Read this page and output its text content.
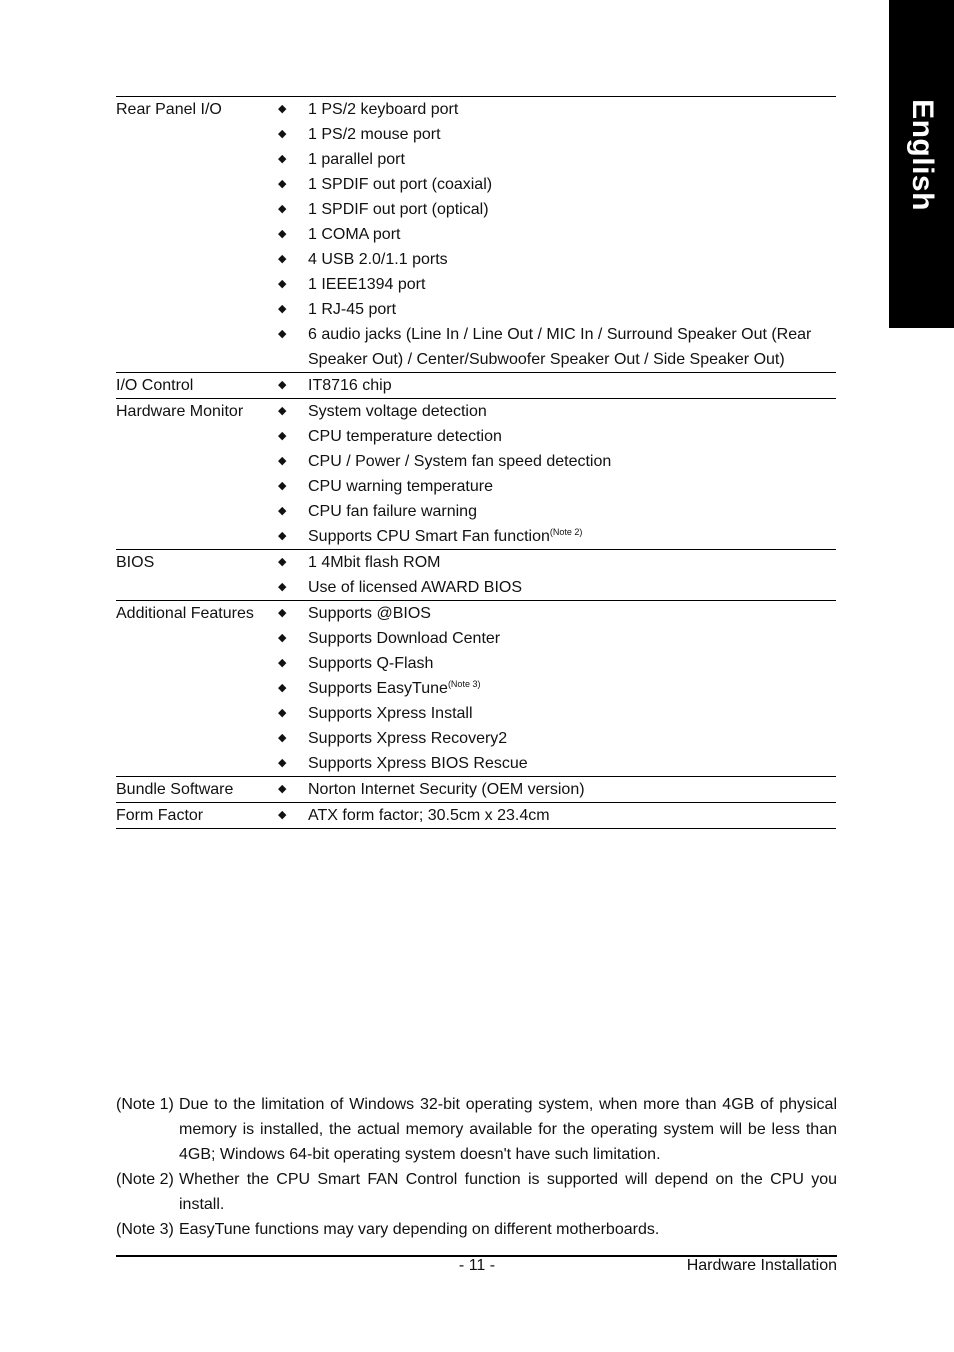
English
Rear Panel I/O	◆	1 PS/2 keyboard port
◆	1 PS/2 mouse port
◆	1 parallel port
◆	1 SPDIF out port (coaxial)
◆	1 SPDIF out port (optical)
◆	1 COMA port
◆	4 USB 2.0/1.1 ports
◆	1 IEEE1394 port
◆	1 RJ-45 port
◆	6 audio jacks (Line In / Line Out / MIC In / Surround Speaker Out (Rear Speaker Out) / Center/Subwoofer Speaker Out / Side Speaker Out)
I/O Control	◆	IT8716 chip
Hardware Monitor	◆	System voltage detection
◆	CPU temperature detection
◆	CPU / Power / System fan speed detection
◆	CPU warning temperature
◆	CPU fan failure warning
◆	Supports CPU Smart Fan function$^{(Note 2)}$
BIOS	◆	1 4Mbit flash ROM
◆	Use of licensed AWARD BIOS
Additional Features	◆	Supports @BIOS
◆	Supports Download Center
◆	Supports Q-Flash
◆	Supports EasyTune$^{(Note 3)}$
◆	Supports Xpress Install
◆	Supports Xpress Recovery2
◆	Supports Xpress BIOS Rescue
Bundle Software	◆	Norton Internet Security (OEM version)
Form Factor	◆	ATX form factor; 30.5cm x 23.4cm
(Note 1) Due to the limitation of Windows 32-bit operating system, when more than 4GB of physical memory is installed, the actual memory available for the operating system will be less than 4GB; Windows 64-bit operating system doesn't have such limitation.
(Note 2) Whether the CPU Smart FAN Control function is supported will depend on the CPU you install.
(Note 3) EasyTune functions may vary depending on different motherboards.
- 11 -	Hardware Installation
